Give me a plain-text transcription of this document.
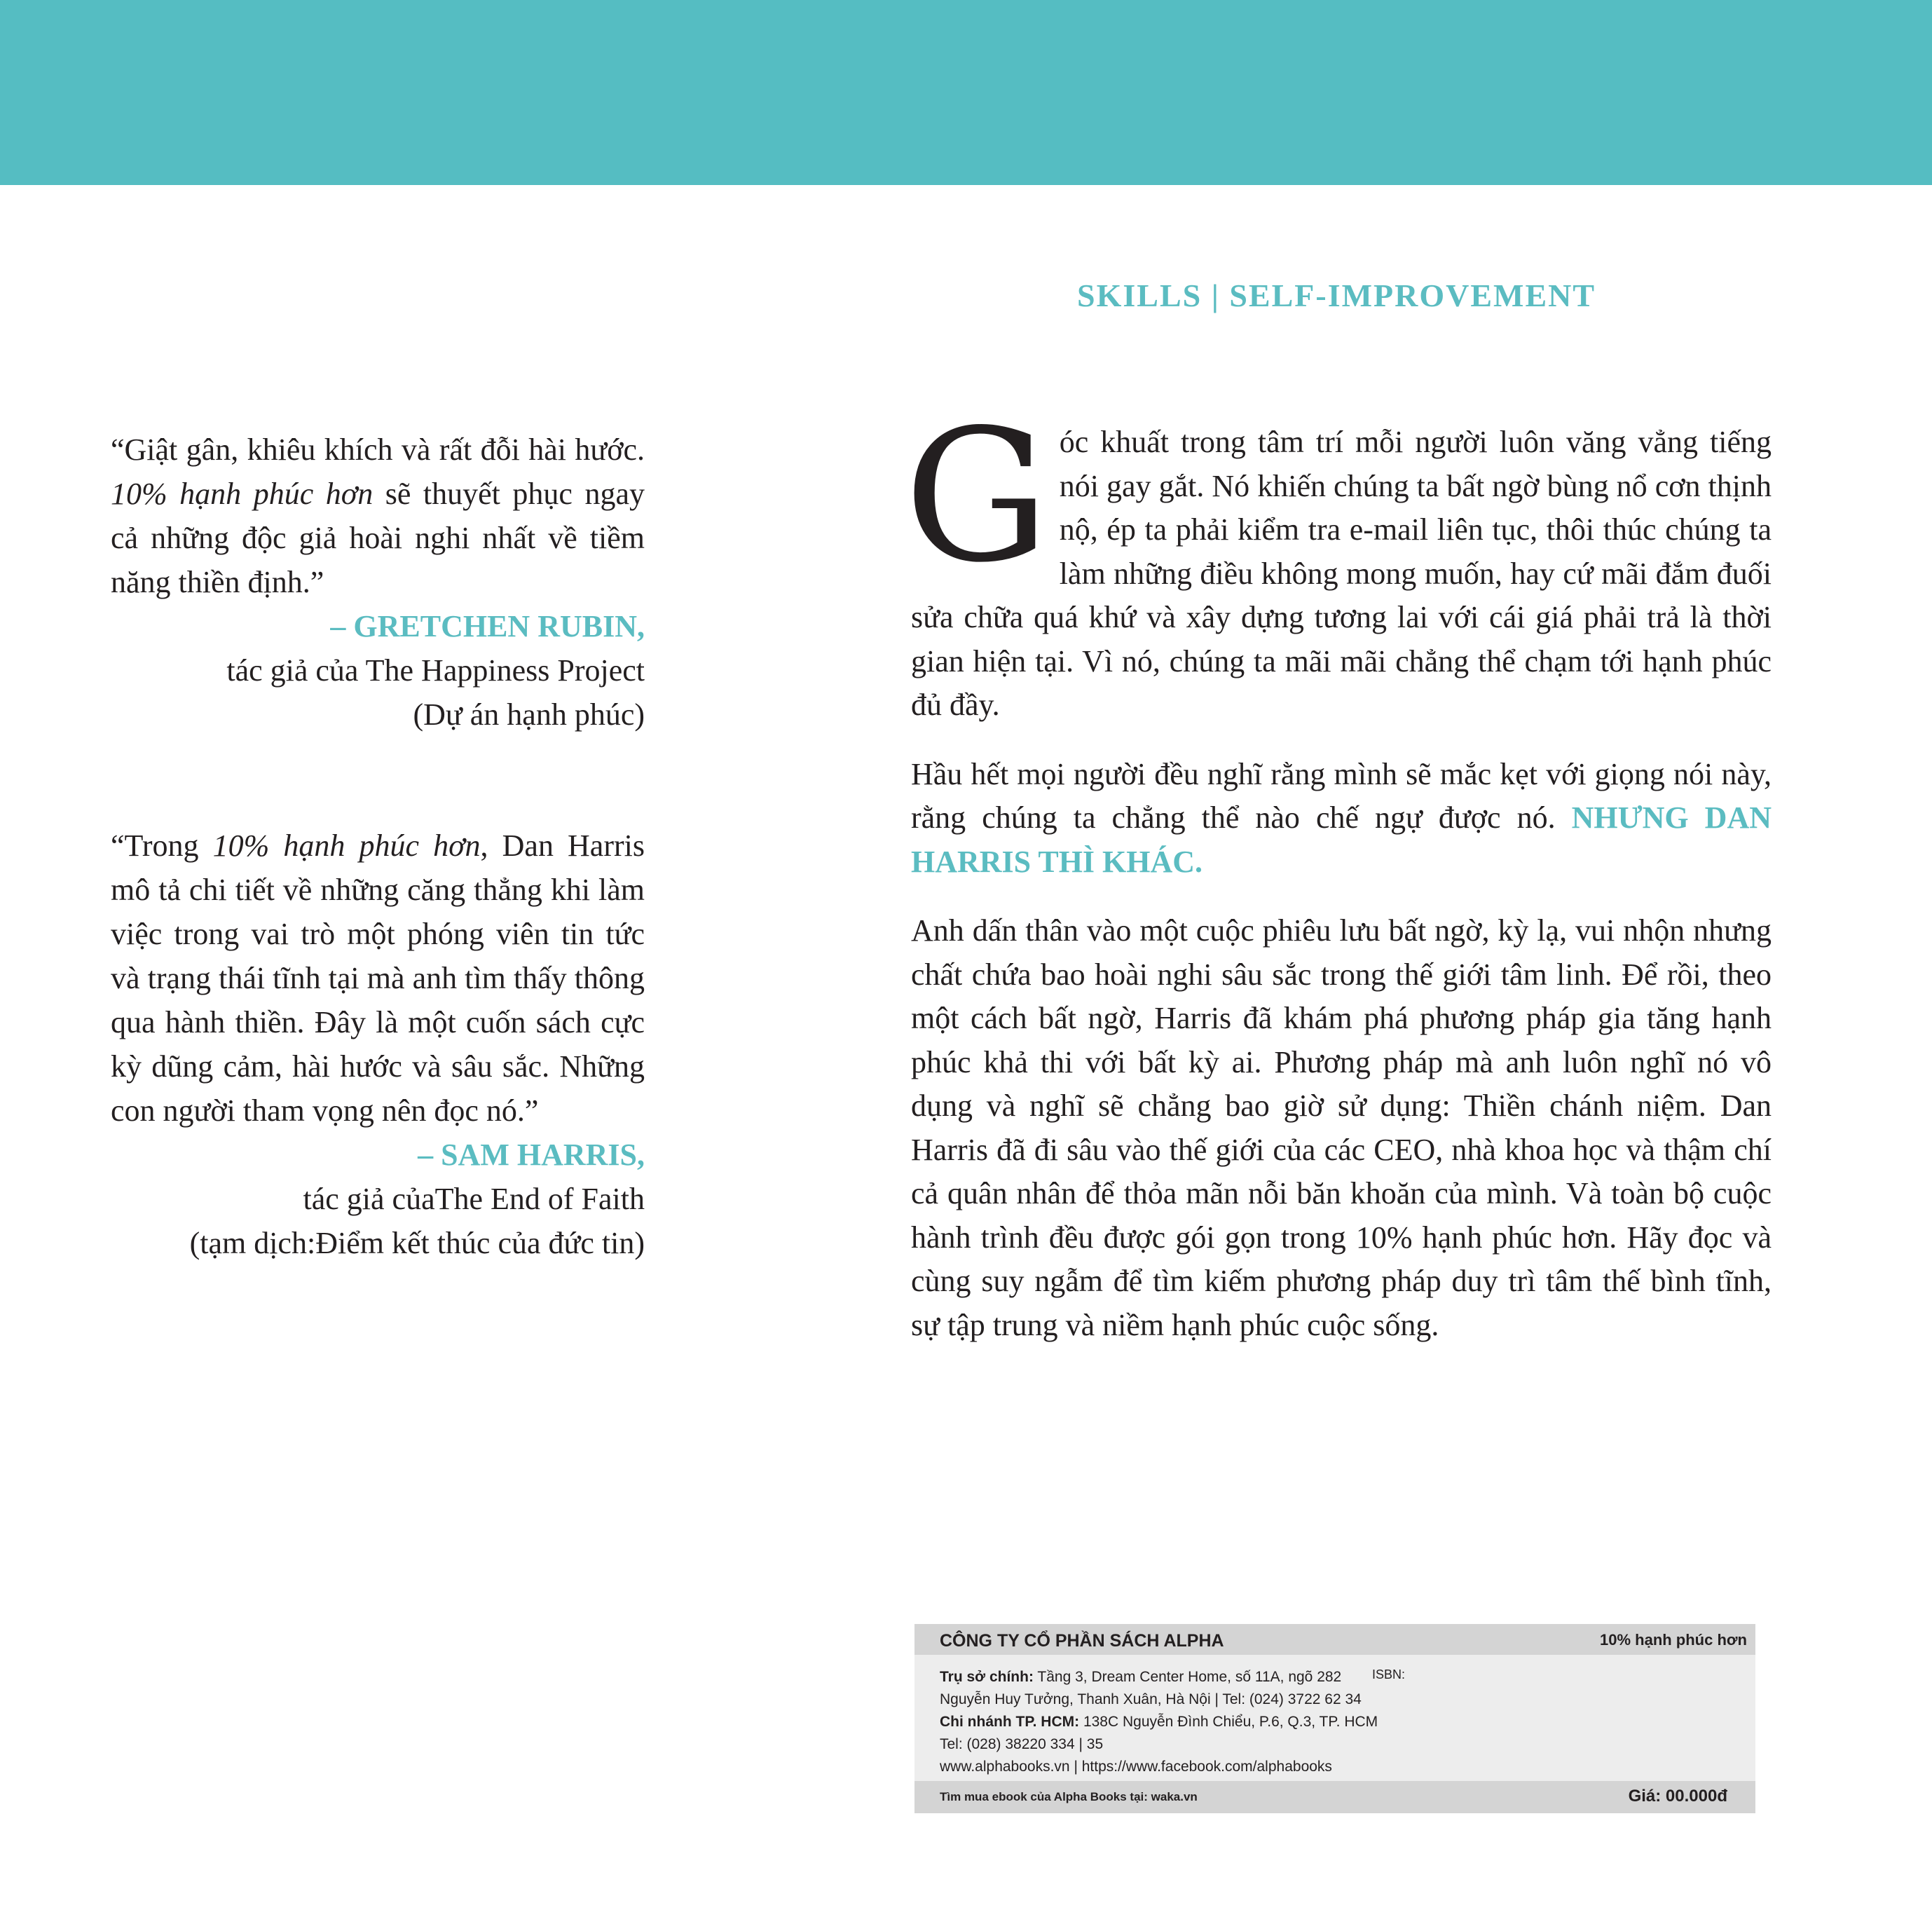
SKILLS | SELF-IMPROVEMENT

“Giật gân, khiêu khích và rất đỗi hài hước. 10% hạnh phúc hơn sẽ thuyết phục ngay cả những độc giả hoài nghi nhất về tiềm năng thiền định.”

– GRETCHEN RUBIN,

tác giả của The Happiness Project

(Dự án hạnh phúc)

“Trong 10% hạnh phúc hơn, Dan Harris mô tả chi tiết về những căng thẳng khi làm việc trong vai trò một phóng viên tin tức và trạng thái tĩnh tại mà anh tìm thấy thông qua hành thiền. Đây là một cuốn sách cực kỳ dũng cảm, hài hước và sâu sắc. Những con người tham vọng nên đọc nó.”

– SAM HARRIS,

tác giả củaThe End of Faith

(tạm dịch:Điểm kết thúc của đức tin)

Góc khuất trong tâm trí mỗi người luôn văng vẳng tiếng nói gay gắt. Nó khiến chúng ta bất ngờ bùng nổ cơn thịnh nộ, ép ta phải kiểm tra e-mail liên tục, thôi thúc chúng ta làm những điều không mong muốn, hay cứ mãi đắm đuối sửa chữa quá khứ và xây dựng tương lai với cái giá phải trả là thời gian hiện tại. Vì nó, chúng ta mãi mãi chẳng thể chạm tới hạnh phúc đủ đầy.

Hầu hết mọi người đều nghĩ rằng mình sẽ mắc kẹt với giọng nói này, rằng chúng ta chẳng thể nào chế ngự được nó. NHƯNG DAN HARRIS THÌ KHÁC.

Anh dấn thân vào một cuộc phiêu lưu bất ngờ, kỳ lạ, vui nhộn nhưng chất chứa bao hoài nghi sâu sắc trong thế giới tâm linh. Để rồi, theo một cách bất ngờ, Harris đã khám phá phương pháp gia tăng hạnh phúc khả thi với bất kỳ ai. Phương pháp mà anh luôn nghĩ nó vô dụng và nghĩ sẽ chẳng bao giờ sử dụng: Thiền chánh niệm. Dan Harris đã đi sâu vào thế giới của các CEO, nhà khoa học và thậm chí cả quân nhân để thỏa mãn nỗi băn khoăn của mình. Và toàn bộ cuộc hành trình đều được gói gọn trong 10% hạnh phúc hơn. Hãy đọc và cùng suy ngẫm để tìm kiếm phương pháp duy trì tâm thế bình tĩnh, sự tập trung và niềm hạnh phúc cuộc sống.

CÔNG TY CỔ PHẦN SÁCH ALPHA	10% hạnh phúc hơn
Trụ sở chính: Tầng 3, Dream Center Home, số 11A, ngõ 282
Nguyễn Huy Tưởng, Thanh Xuân, Hà Nội | Tel: (024) 3722 62 34
Chi nhánh TP. HCM: 138C Nguyễn Đình Chiểu, P.6, Q.3, TP. HCM
Tel: (028) 38220 334 | 35
www.alphabooks.vn | https://www.facebook.com/alphabooks
ISBN:
Tìm mua ebook của Alpha Books tại: waka.vn	Giá: 00.000đ
